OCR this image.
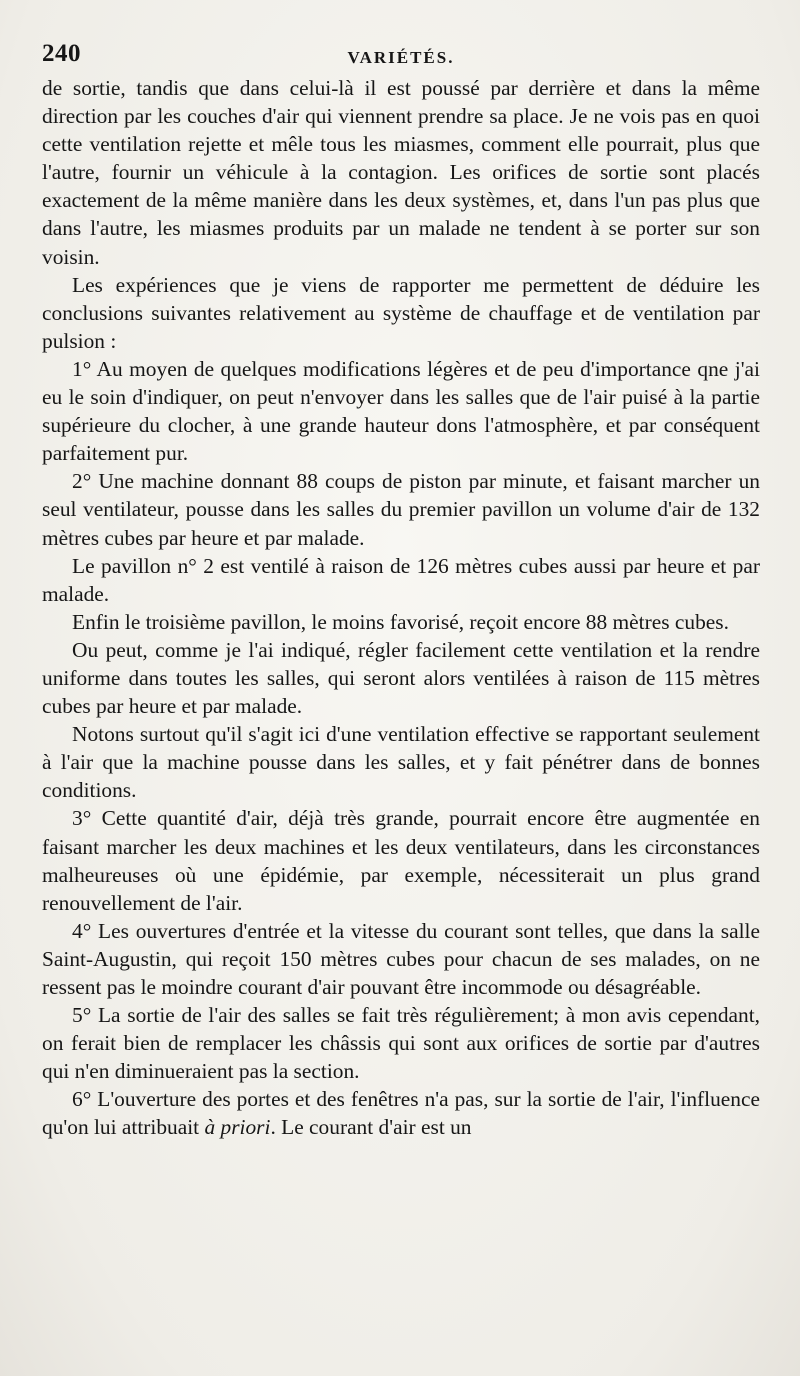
240	VARIÉTÉS.

de sortie, tandis que dans celui-là il est poussé par derrière et dans la même direction par les couches d'air qui viennent prendre sa place. Je ne vois pas en quoi cette ventilation rejette et mêle tous les miasmes, comment elle pourrait, plus que l'autre, fournir un véhicule à la contagion. Les orifices de sortie sont placés exactement de la même manière dans les deux systèmes, et, dans l'un pas plus que dans l'autre, les miasmes produits par un malade ne tendent à se porter sur son voisin.

Les expériences que je viens de rapporter me permettent de déduire les conclusions suivantes relativement au système de chauffage et de ventilation par pulsion :

1° Au moyen de quelques modifications légères et de peu d'importance qne j'ai eu le soin d'indiquer, on peut n'envoyer dans les salles que de l'air puisé à la partie supérieure du clocher, à une grande hauteur dons l'atmosphère, et par conséquent parfaitement pur.

2° Une machine donnant 88 coups de piston par minute, et faisant marcher un seul ventilateur, pousse dans les salles du premier pavillon un volume d'air de 132 mètres cubes par heure et par malade.

Le pavillon n° 2 est ventilé à raison de 126 mètres cubes aussi par heure et par malade.

Enfin le troisième pavillon, le moins favorisé, reçoit encore 88 mètres cubes.

Ou peut, comme je l'ai indiqué, régler facilement cette ventilation et la rendre uniforme dans toutes les salles, qui seront alors ventilées à raison de 115 mètres cubes par heure et par malade.

Notons surtout qu'il s'agit ici d'une ventilation effective se rapportant seulement à l'air que la machine pousse dans les salles, et y fait pénétrer dans de bonnes conditions.

3° Cette quantité d'air, déjà très grande, pourrait encore être augmentée en faisant marcher les deux machines et les deux ventilateurs, dans les circonstances malheureuses où une épidémie, par exemple, nécessiterait un plus grand renouvellement de l'air.

4° Les ouvertures d'entrée et la vitesse du courant sont telles, que dans la salle Saint-Augustin, qui reçoit 150 mètres cubes pour chacun de ses malades, on ne ressent pas le moindre courant d'air pouvant être incommode ou désagréable.

5° La sortie de l'air des salles se fait très régulièrement; à mon avis cependant, on ferait bien de remplacer les châssis qui sont aux orifices de sortie par d'autres qui n'en diminueraient pas la section.

6° L'ouverture des portes et des fenêtres n'a pas, sur la sortie de l'air, l'influence qu'on lui attribuait à priori. Le courant d'air est un
